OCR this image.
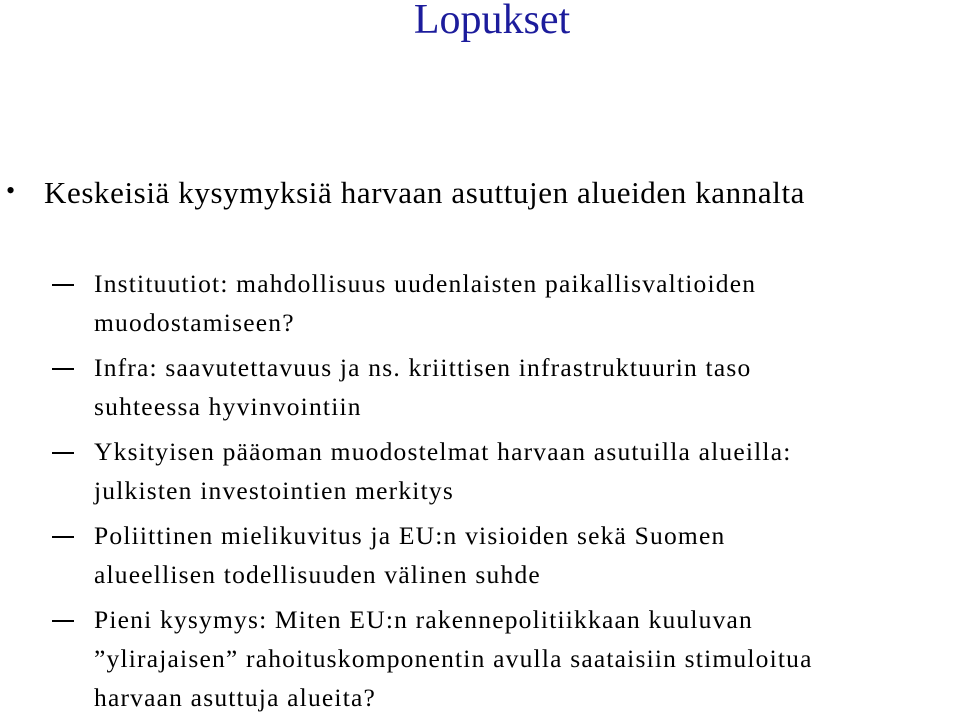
Lopukset
• Keskeisiä kysymyksiä harvaan asuttujen alueiden kannalta
Instituutiot: mahdollisuus uudenlaisten paikallisvaltioiden
muodostamiseen?
Infra: saavutettavuus ja ns. kriittisen infrastruktuurin taso
suhteessa hyvinvointiin
Yksityisen pääoman muodostelmat harvaan asutuilla alueilla:
julkisten investointien merkitys
Poliittinen mielikuvitus ja EU:n visioiden sekä Suomen
alueellisen todellisuuden välinen suhde
Pieni kysymys: Miten EU:n rakennepolitiikkaan kuuluvan
”ylirajaisen” rahoituskomponentin avulla saataisiin stimuloitua
harvaan asuttuja alueita?
